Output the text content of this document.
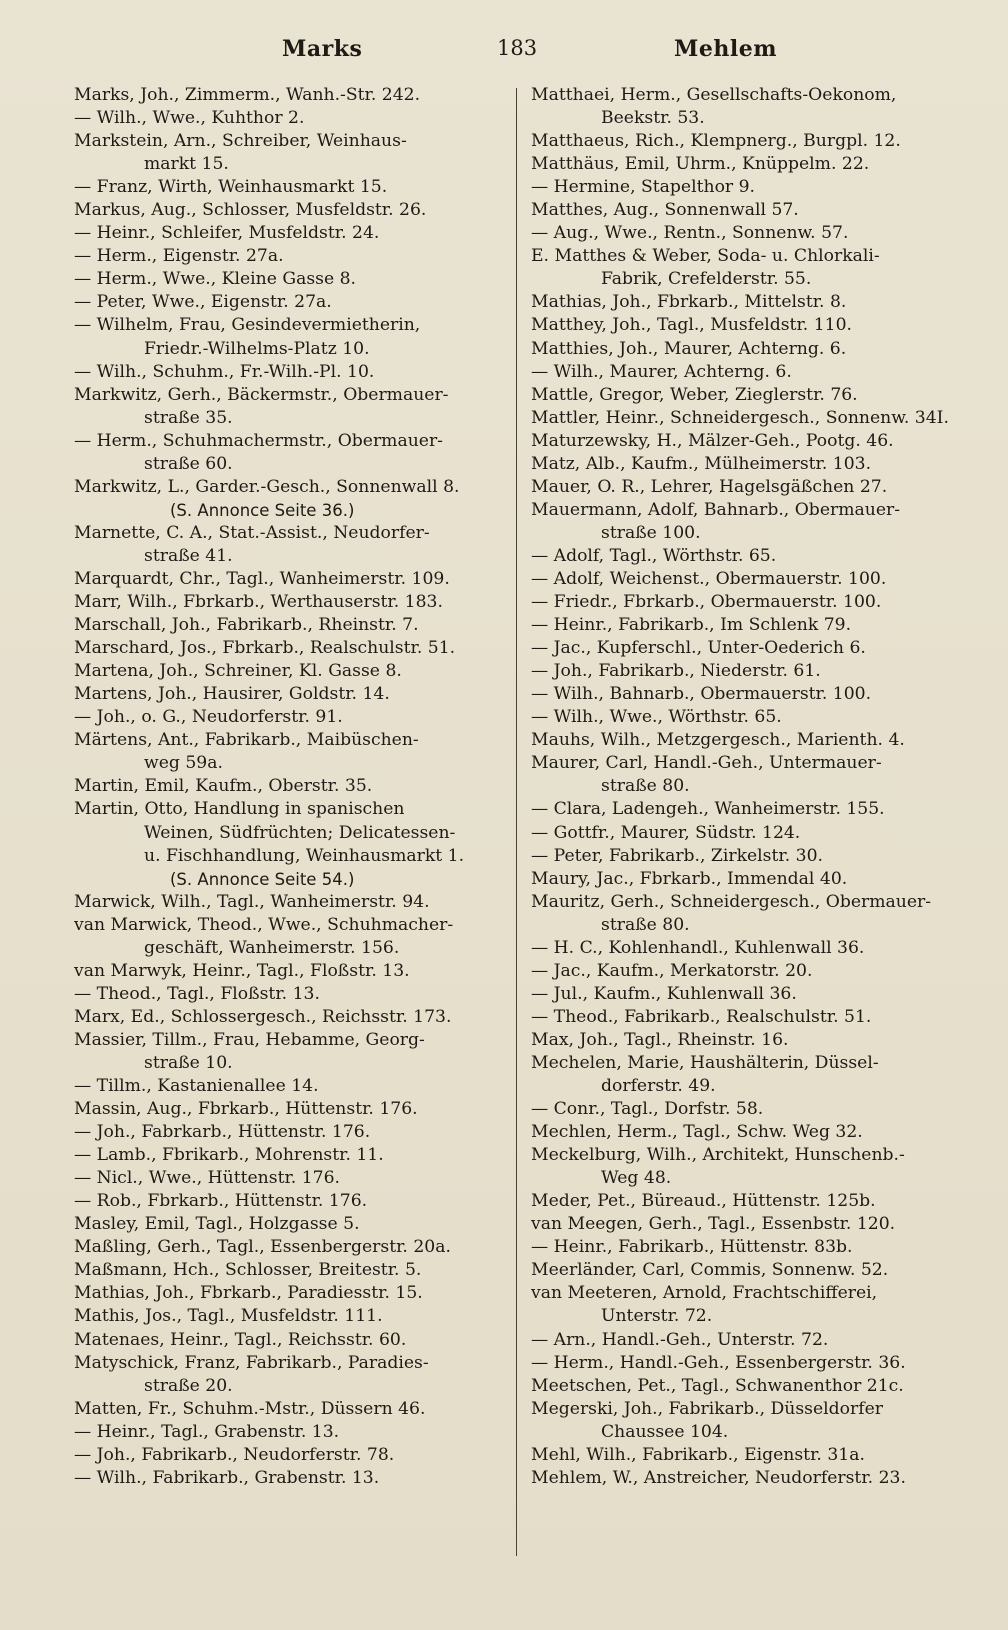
Marks	183	Mehlem
Marks, Joh., Zimmerm., Wanh.-Str. 242.
— Wilh., Wwe., Kuhthor 2.
Markstein, Arn., Schreiber, Weinhaus-
markt 15.
— Franz, Wirth, Weinhausmarkt 15.
Markus, Aug., Schlosser, Musfeldstr. 26.
— Heinr., Schleifer, Musfeldstr. 24.
— Herm., Eigenstr. 27a.
— Herm., Wwe., Kleine Gasse 8.
— Peter, Wwe., Eigenstr. 27a.
— Wilhelm, Frau, Gesindevermietherin,
Friedr.-Wilhelms-Platz 10.
— Wilh., Schuhm., Fr.-Wilh.-Pl. 10.
Markwitz, Gerh., Bäckermstr., Obermauer-
straße 35.
— Herm., Schuhmachermstr., Obermauer-
straße 60.
Markwitz, L., Garder.-Gesch., Sonnenwall 8.
(S. Annonce Seite 36.)
Marnette, C. A., Stat.-Assist., Neudorfer-
straße 41.
Marquardt, Chr., Tagl., Wanheimerstr. 109.
Marr, Wilh., Fbrkarb., Werthauserstr. 183.
Marschall, Joh., Fabrikarb., Rheinstr. 7.
Marschard, Jos., Fbrkarb., Realschulstr. 51.
Martena, Joh., Schreiner, Kl. Gasse 8.
Martens, Joh., Hausirer, Goldstr. 14.
— Joh., o. G., Neudorferstr. 91.
Märtens, Ant., Fabrikarb., Maibüschen-
weg 59a.
Martin, Emil, Kaufm., Oberstr. 35.
Martin, Otto, Handlung in spanischen
Weinen, Südfrüchten; Delicatessen-
u. Fischhandlung, Weinhausmarkt 1.
(S. Annonce Seite 54.)
Marwick, Wilh., Tagl., Wanheimerstr. 94.
van Marwick, Theod., Wwe., Schuhmacher-
geschäft, Wanheimerstr. 156.
van Marwyk, Heinr., Tagl., Floßstr. 13.
— Theod., Tagl., Floßstr. 13.
Marx, Ed., Schlossergesch., Reichsstr. 173.
Massier, Tillm., Frau, Hebamme, Georg-
straße 10.
— Tillm., Kastanienallee 14.
Massin, Aug., Fbrkarb., Hüttenstr. 176.
— Joh., Fabrkarb., Hüttenstr. 176.
— Lamb., Fbrikarb., Mohrenstr. 11.
— Nicl., Wwe., Hüttenstr. 176.
— Rob., Fbrkarb., Hüttenstr. 176.
Masley, Emil, Tagl., Holzgasse 5.
Maßling, Gerh., Tagl., Essenbergerstr. 20a.
Maßmann, Hch., Schlosser, Breitestr. 5.
Mathias, Joh., Fbrkarb., Paradiesstr. 15.
Mathis, Jos., Tagl., Musfeldstr. 111.
Matenaes, Heinr., Tagl., Reichsstr. 60.
Matyschick, Franz, Fabrikarb., Paradies-
straße 20.
Matten, Fr., Schuhm.-Mstr., Düssern 46.
— Heinr., Tagl., Grabenstr. 13.
— Joh., Fabrikarb., Neudorferstr. 78.
— Wilh., Fabrikarb., Grabenstr. 13.
Matthaei, Herm., Gesellschafts-Oekonom,
Beekstr. 53.
Matthaeus, Rich., Klempnerg., Burgpl. 12.
Matthäus, Emil, Uhrm., Knüppelm. 22.
— Hermine, Stapelthor 9.
Matthes, Aug., Sonnenwall 57.
— Aug., Wwe., Rentn., Sonnenw. 57.
E. Matthes & Weber, Soda- u. Chlorkali-
Fabrik, Crefelderstr. 55.
Mathias, Joh., Fbrkarb., Mittelstr. 8.
Matthey, Joh., Tagl., Musfeldstr. 110.
Matthies, Joh., Maurer, Achterng. 6.
— Wilh., Maurer, Achterng. 6.
Mattle, Gregor, Weber, Zieglerstr. 76.
Mattler, Heinr., Schneidergesch., Sonnenw. 34I.
Maturzewsky, H., Mälzer-Geh., Pootg. 46.
Matz, Alb., Kaufm., Mülheimerstr. 103.
Mauer, O. R., Lehrer, Hagelsgäßchen 27.
Mauermann, Adolf, Bahnarb., Obermauer-
straße 100.
— Adolf, Tagl., Wörthstr. 65.
— Adolf, Weichenst., Obermauerstr. 100.
— Friedr., Fbrkarb., Obermauerstr. 100.
— Heinr., Fabrikarb., Im Schlenk 79.
— Jac., Kupferschl., Unter-Oederich 6.
— Joh., Fabrikarb., Niederstr. 61.
— Wilh., Bahnarb., Obermauerstr. 100.
— Wilh., Wwe., Wörthstr. 65.
Mauhs, Wilh., Metzgergesch., Marienth. 4.
Maurer, Carl, Handl.-Geh., Untermauer-
straße 80.
— Clara, Ladengeh., Wanheimerstr. 155.
— Gottfr., Maurer, Südstr. 124.
— Peter, Fabrikarb., Zirkelstr. 30.
Maury, Jac., Fbrkarb., Immendal 40.
Mauritz, Gerh., Schneidergesch., Obermauer-
straße 80.
— H. C., Kohlenhandl., Kuhlenwall 36.
— Jac., Kaufm., Merkatorstr. 20.
— Jul., Kaufm., Kuhlenwall 36.
— Theod., Fabrikarb., Realschulstr. 51.
Max, Joh., Tagl., Rheinstr. 16.
Mechelen, Marie, Haushälterin, Düssel-
dorferstr. 49.
— Conr., Tagl., Dorfstr. 58.
Mechlen, Herm., Tagl., Schw. Weg 32.
Meckelburg, Wilh., Architekt, Hunschenb.-
Weg 48.
Meder, Pet., Büreaud., Hüttenstr. 125b.
van Meegen, Gerh., Tagl., Essenbstr. 120.
— Heinr., Fabrikarb., Hüttenstr. 83b.
Meerländer, Carl, Commis, Sonnenw. 52.
van Meeteren, Arnold, Frachtschifferei,
Unterstr. 72.
— Arn., Handl.-Geh., Unterstr. 72.
— Herm., Handl.-Geh., Essenbergerstr. 36.
Meetschen, Pet., Tagl., Schwanenthor 21c.
Megerski, Joh., Fabrikarb., Düsseldorfer
Chaussee 104.
Mehl, Wilh., Fabrikarb., Eigenstr. 31a.
Mehlem, W., Anstreicher, Neudorferstr. 23.
